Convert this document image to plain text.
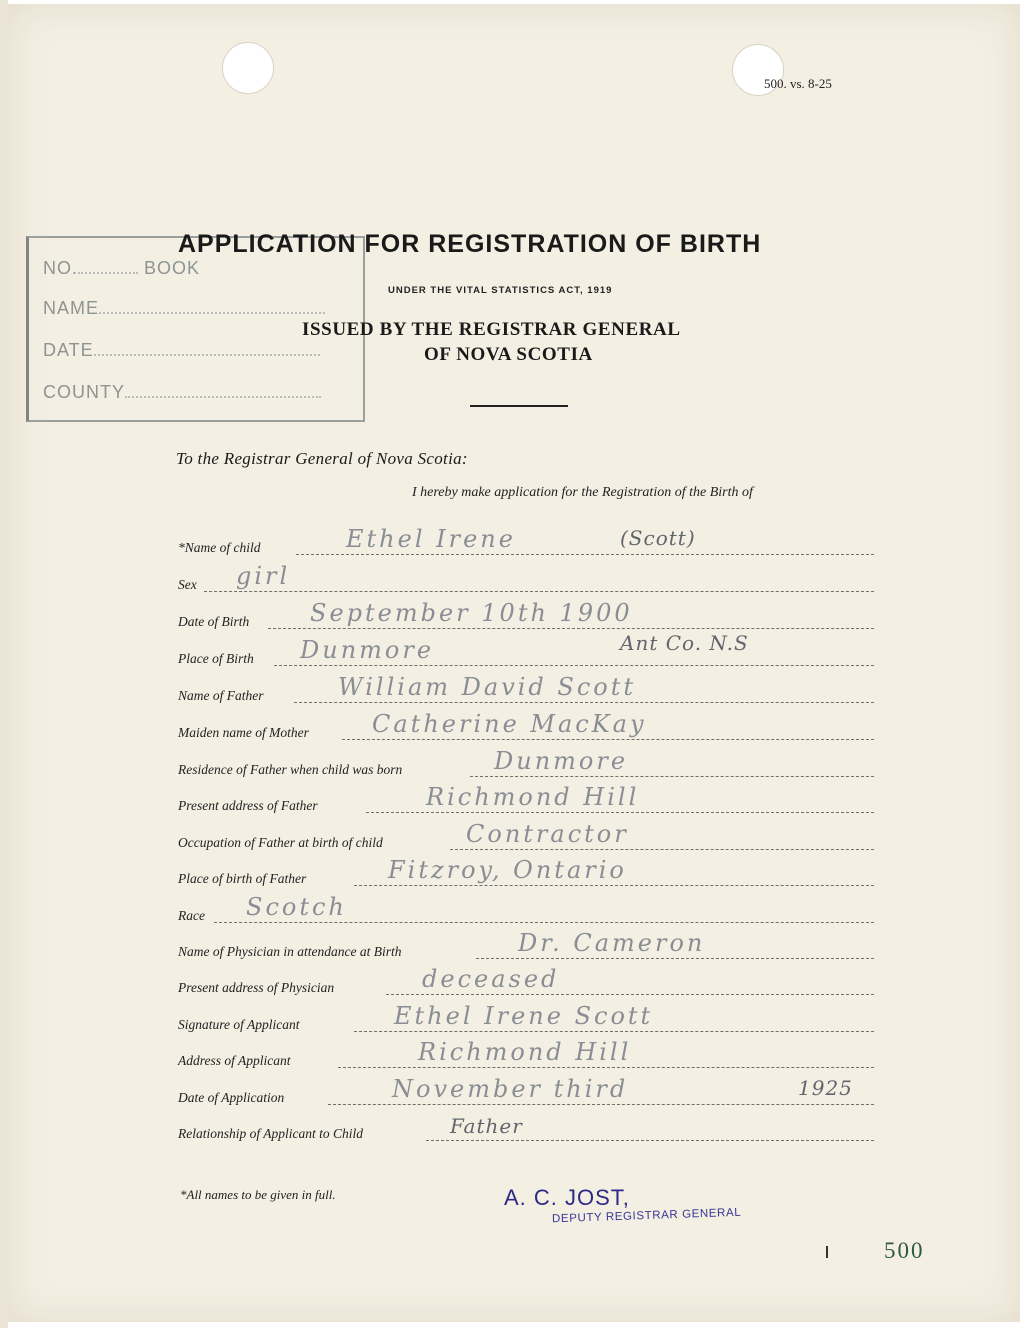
500. vs. 8-25
NO.	BOOK
NAME
DATE
COUNTY
APPLICATION FOR REGISTRATION OF BIRTH
UNDER THE VITAL STATISTICS ACT, 1919
ISSUED BY THE REGISTRAR GENERAL
OF NOVA SCOTIA
To the Registrar General of Nova Scotia:
I hereby make application for the Registration of the Birth of
*Name of child	Ethel Irene	(Scott)
Sex girl
Date of Birth	September 10th 1900
Place of Birth Dunmore	Ant Co. N.S
Name of Father	William David Scott
Maiden name of Mother	Catherine MacKay
Residence of Father when child was born	Dunmore
Present address of Father	Richmond Hill
Occupation of Father at birth of child	Contractor
Place of birth of Father	Fitzroy, Ontario
Race Scotch
Name of Physician in attendance at Birth	Dr. Cameron
Present address of Physician	deceased
Signature of Applicant	Ethel Irene Scott
Address of Applicant	Richmond Hill
Date of Application	November third	1925
Relationship of Applicant to Child	Father
*All names to be given in full.	A. C. JOST,
DEPUTY REGISTRAR GENERAL
500
